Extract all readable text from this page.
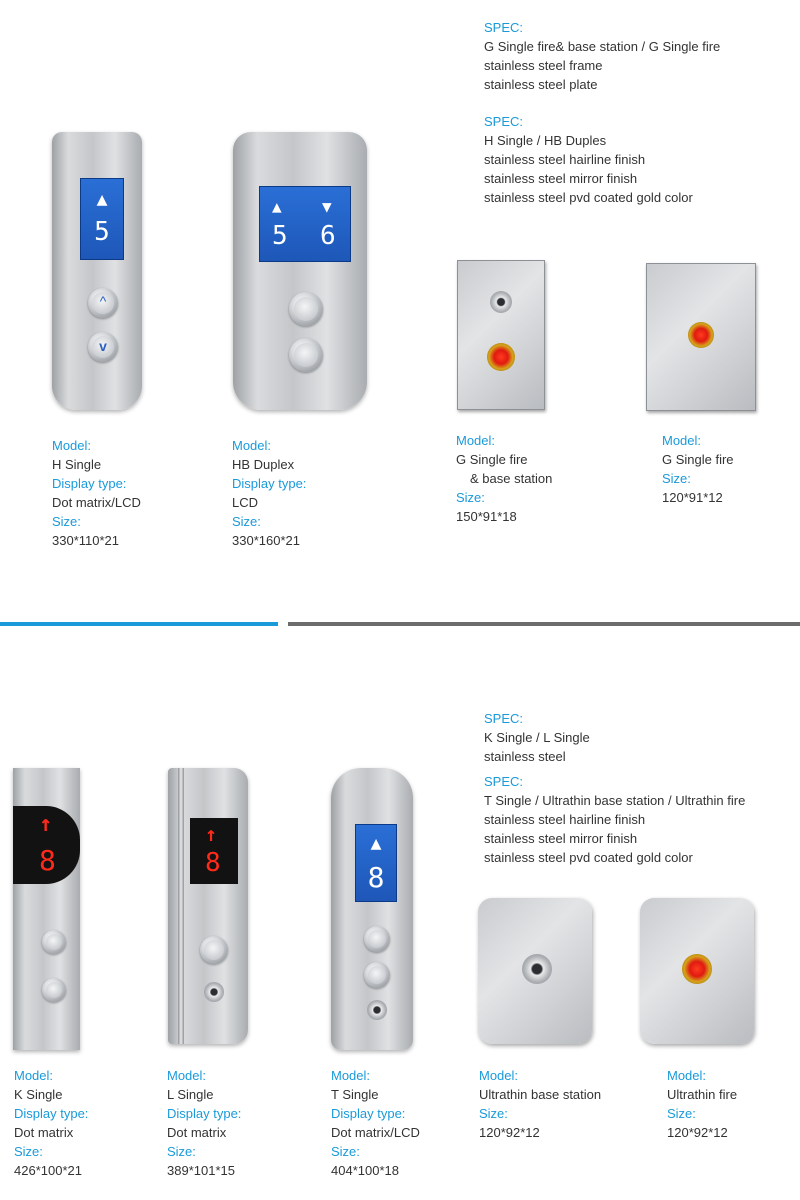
SPEC:
G Single fire& base station / G Single fire
stainless steel frame
stainless steel plate
SPEC:
H Single / HB Duples
stainless steel hairline finish
stainless steel mirror finish
stainless steel pvd coated gold color
▲
5
^
v
▲	▼
5 6
Model:
H Single
Display type:
Dot matrix/LCD
Size:
330*110*21
Model:
HB Duplex
Display type:
LCD
Size:
330*160*21
Model:
G Single fire
& base station
Size:
150*91*18
Model:
G Single fire
Size:
120*91*12
SPEC:
K Single / L Single
stainless steel
SPEC:
T Single / Ultrathin base station / Ultrathin fire
stainless steel hairline finish
stainless steel mirror finish
stainless steel pvd coated gold color
↑
8
↑
8
▲
8
Model:
K Single
Display type:
Dot matrix
Size:
426*100*21
Model:
L Single
Display type:
Dot matrix
Size:
389*101*15
Model:
T Single
Display type:
Dot matrix/LCD
Size:
404*100*18
Model:
Ultrathin base station
Size:
120*92*12
Model:
Ultrathin fire
Size:
120*92*12
